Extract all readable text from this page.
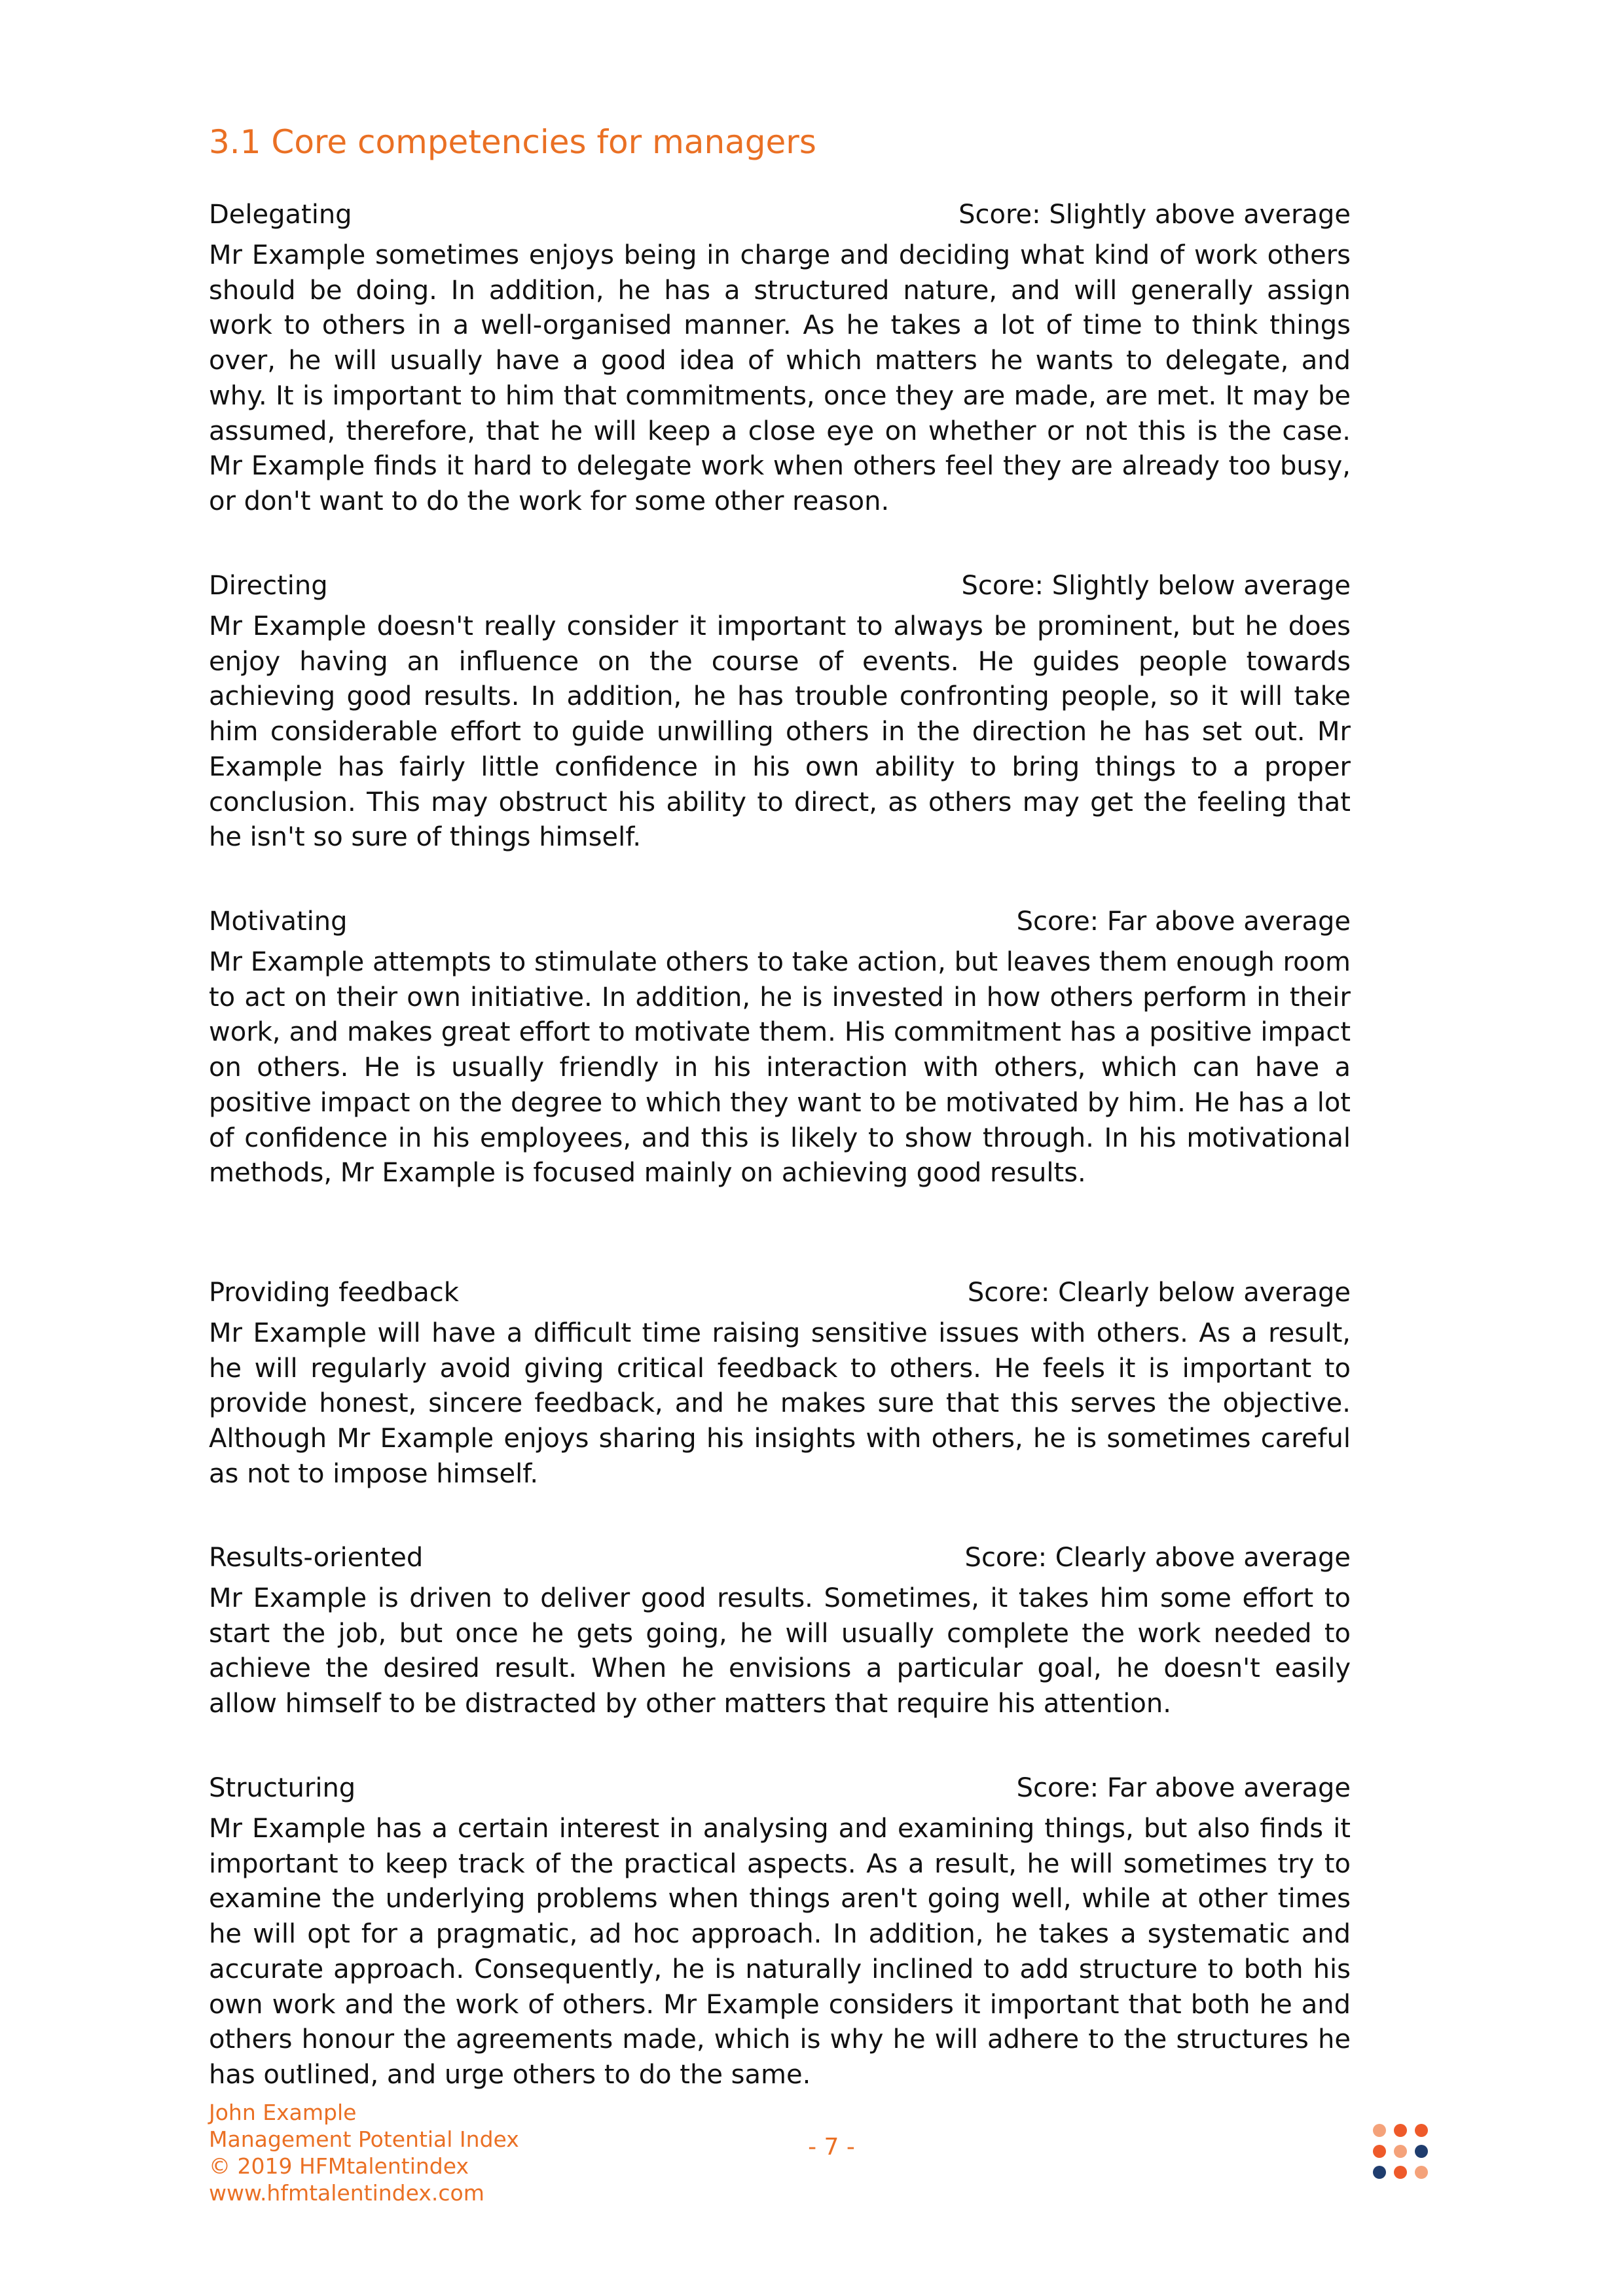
3.1 Core competencies for managers
Delegating	Score: Slightly above average

Mr Example sometimes enjoys being in charge and deciding what kind of work others should be doing. In addition, he has a structured nature, and will generally assign work to others in a well-organised manner. As he takes a lot of time to think things over, he will usually have a good idea of which matters he wants to delegate, and why. It is important to him that commitments, once they are made, are met. It may be assumed, therefore, that he will keep a close eye on whether or not this is the case. Mr Example finds it hard to delegate work when others feel they are already too busy, or don't want to do the work for some other reason.

Directing	Score: Slightly below average

Mr Example doesn't really consider it important to always be prominent, but he does enjoy having an influence on the course of events. He guides people towards achieving good results. In addition, he has trouble confronting people, so it will take him considerable effort to guide unwilling others in the direction he has set out. Mr Example has fairly little confidence in his own ability to bring things to a proper conclusion. This may obstruct his ability to direct, as others may get the feeling that he isn't so sure of things himself.

Motivating	Score: Far above average

Mr Example attempts to stimulate others to take action, but leaves them enough room to act on their own initiative. In addition, he is invested in how others perform in their work, and makes great effort to motivate them. His commitment has a positive impact on others. He is usually friendly in his interaction with others, which can have a positive impact on the degree to which they want to be motivated by him. He has a lot of confidence in his employees, and this is likely to show through. In his motivational methods, Mr Example is focused mainly on achieving good results.

Providing feedback	Score: Clearly below average

Mr Example will have a difficult time raising sensitive issues with others. As a result, he will regularly avoid giving critical feedback to others. He feels it is important to provide honest, sincere feedback, and he makes sure that this serves the objective. Although Mr Example enjoys sharing his insights with others, he is sometimes careful as not to impose himself.

Results-oriented	Score: Clearly above average

Mr Example is driven to deliver good results. Sometimes, it takes him some effort to start the job, but once he gets going, he will usually complete the work needed to achieve the desired result. When he envisions a particular goal, he doesn't easily allow himself to be distracted by other matters that require his attention.

Structuring	Score: Far above average

Mr Example has a certain interest in analysing and examining things, but also finds it important to keep track of the practical aspects. As a result, he will sometimes try to examine the underlying problems when things aren't going well, while at other times he will opt for a pragmatic, ad hoc approach. In addition, he takes a systematic and accurate approach. Consequently, he is naturally inclined to add structure to both his own work and the work of others. Mr Example considers it important that both he and others honour the agreements made, which is why he will adhere to the structures he has outlined, and urge others to do the same.

John Example
Management Potential Index
© 2019 HFMtalentindex
www.hfmtalentindex.com
- 7 -
